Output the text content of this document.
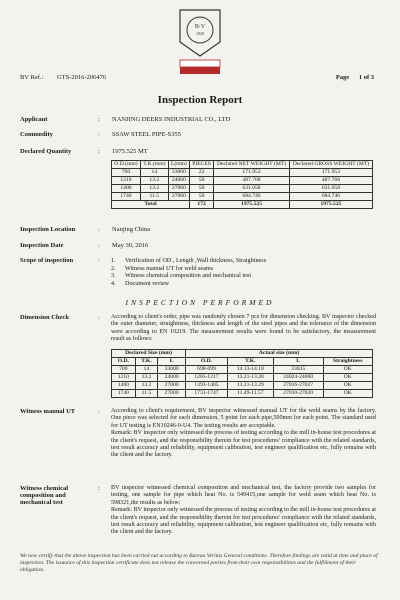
B·V
1828
BV Ref.: GTS-2016-206476	Page 1 of 3
Inspection Report
Applicant	:	NANJING DEERS INDUSTRIAL CO., LTD
Commodity	:	SSAW STEEL PIPE-S355
Declared Quantity	:	1975.525 MT
O.D.(mm)	T.K.(mm)	L(mm)	PIECES	Declared NET WEIGHT (MT)	Declared GROSS WEIGHT (MT)
700	14	33000	22	171.953	171.953
1210	13.2	24000	50	487.768	487.768
1400	13.2	27000	50	631.058	631.058
1740	11.5	27000	50	684.746	684.746
Total			172	1975.525	1975.525
Inspection Location	:	Nanjing China
Inspection Date	:	May 30, 2016
Scope of inspection	:	1. Verification of OD , Length ,Wall thickness, Straightness
2. Witness manual UT for weld seams
3. Witness chemical composition and mechanical test
4. Document review
INSPECTION PERFORMED
Dimension Check	:	According to client's order, pipe was randomly chosen 7 pcs for dimension checking. BV inspector checked the outer diameter, straightness, thickness and length of the steel pipes and the tolerance of the dimension were according to EN 10219. The measurement results were found to be satisfactory, the measurement result as follows:
Declared Size (mm)			Actual size (mm)			
O.D.	T.K.	L	O.D.	T.K.	L	Straightness
700	14	33000	698-699	14.13-14.18	33035	OK
1210	13.2	24000	1205-1217	13.21-13.28	24024-24060	OK
1400	13.2	27000	1393-1405	13.21-13.29	27016-27027	OK
1740	11.5	27000	1731-1747	11.49-11.57	27010-27020	OK
Witness manual UT	:	According to client's requirement, BV inspector witnessed manual UT for the weld seams by the factory. One piece was selected for each dimension, 5 point for each pipe,500mm for each point. The standard used for UT testing is EN10246-9-U4. The testing results are acceptable.
Remark: BV inspector only witnessed the process of testing according to the mill in-house test procedures at the client's request, and the responsibility therein for test procedures' compliance with the related standards, test result accuracy and reliability, equipment calibration, test engineer qualification etc, fully remains with the client and the factory.
Witness chemical
composition and
mechanical test
:	BV inspector witnessed chemical composition and mechanical test, the factory provide two samples for testing, one sample for pipe which heat No. is 549415,one sample for weld seam which heat No. is 598321,the results as below:
Remark: BV inspector only witnessed the process of testing according to the mill in-house test procedures at the client's request, and the responsibility therein for test procedures' compliance with the related standards, test result accuracy and reliability, equipment calibration, test engineer qualification etc, fully remains with the client and the factory.
We now certify that the above inspection has been carried out according to Bureau Veritas General conditions. Therefore findings are valid at time and place of inspection. The issuance of this inspection certificate does not release the concerned parties from their own responsibilities and the fulfillment of their obligation.
